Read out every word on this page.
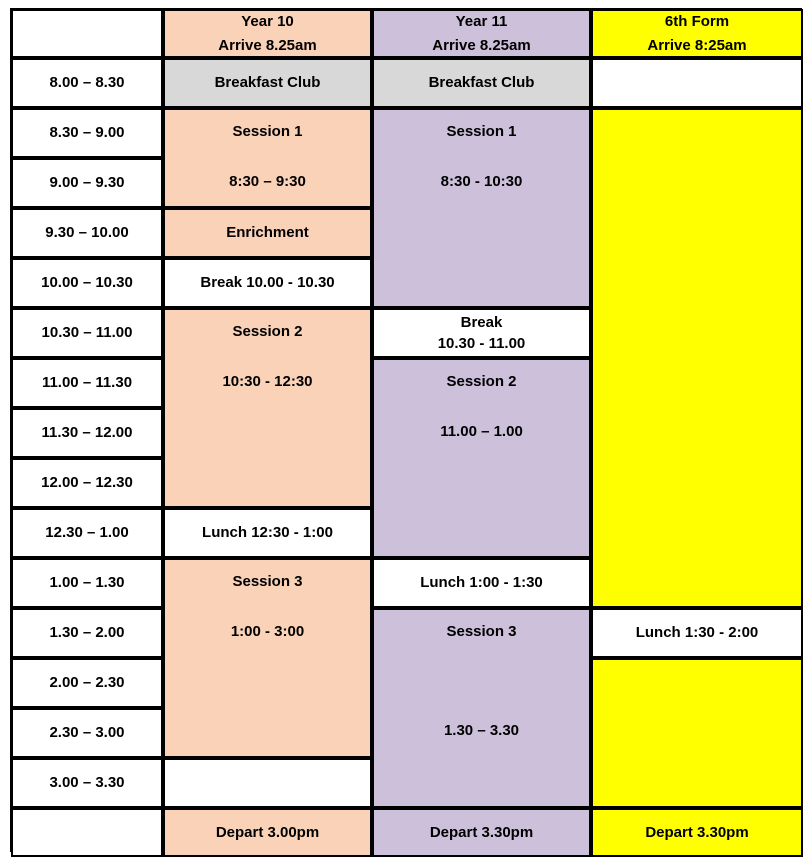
Year 10
Arrive 8.25am
Year 11
Arrive 8.25am
6th Form
Arrive 8:25am
8.00 – 8.30
8.30 – 9.00
9.00 – 9.30
9.30 – 10.00
10.00 – 10.30
10.30 – 11.00
11.00 – 11.30
11.30 – 12.00
12.00 – 12.30
12.30 – 1.00
1.00 – 1.30
1.30 – 2.00
2.00 – 2.30
2.30 – 3.00
3.00 – 3.30
Breakfast Club
Session 1
8:30 – 9:30
Enrichment
Break 10.00 - 10.30
Session 2
10:30 - 12:30
Lunch 12:30 - 1:00
Session 3
1:00 - 3:00
Depart 3.00pm
Breakfast Club
Session 1
8:30 - 10:30
Break
10.30 - 11.00
Session 2
11.00 – 1.00
Lunch 1:00 - 1:30
Session 3
1.30 – 3.30
Depart 3.30pm
Lunch 1:30 - 2:00
Depart 3.30pm
